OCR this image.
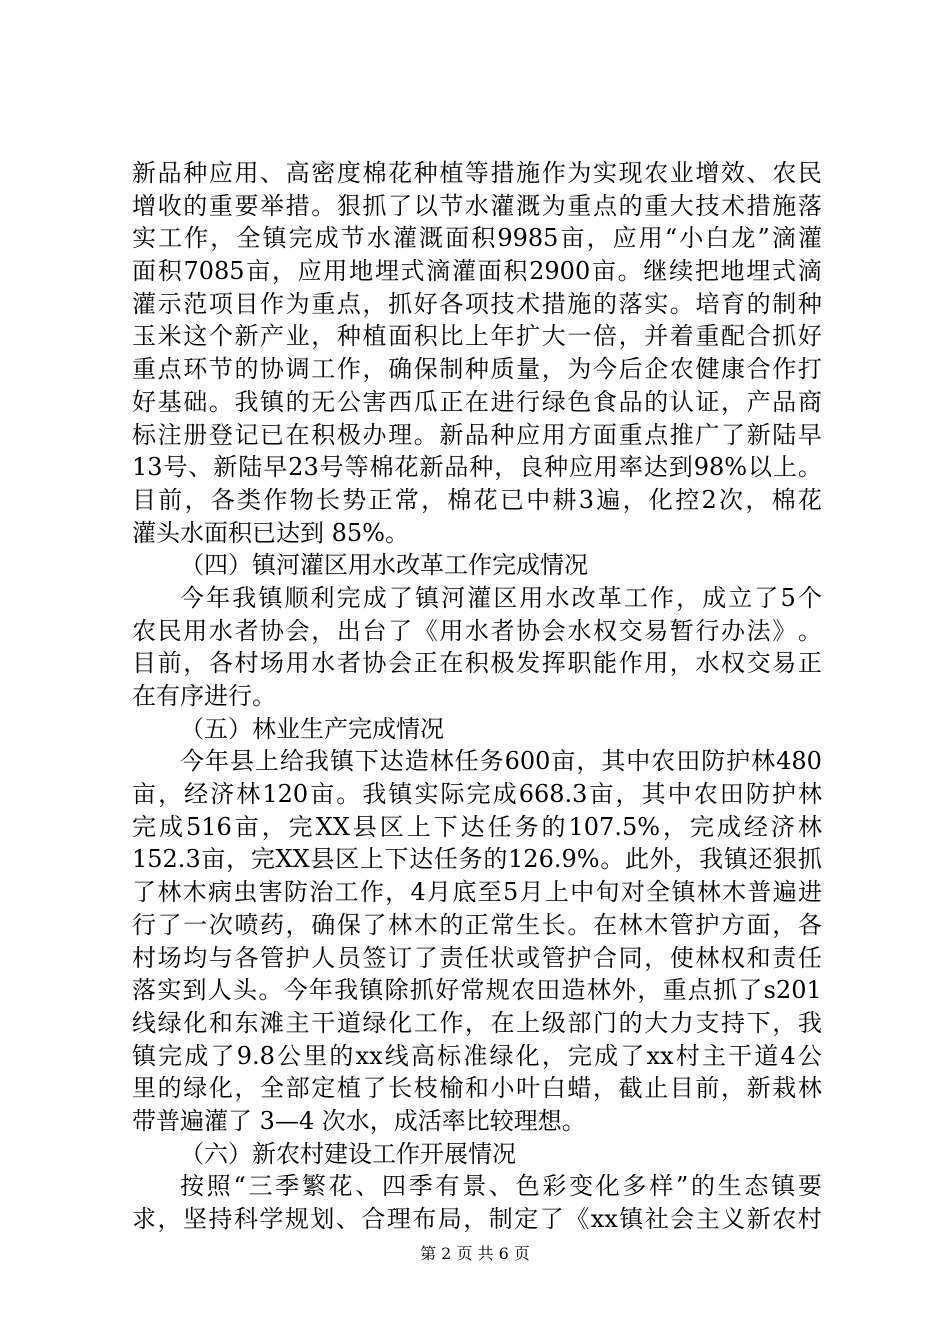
新 品 种 应 用 、 高 密 度 棉 花 种 植 等 措 施 作 为 实 现 农 业 增 效 、 农 民
增 收 的 重 要 举 措 。 狠 抓 了 以 节 水 灌 溉 为 重 点 的 重 大 技 术 措 施 落
实 工 作 ， 全 镇 完 成 节 水 灌 溉 面 积 9985 亩 ， 应 用 “ 小 白 龙 ” 滴 灌
面 积 7085 亩 ， 应 用 地 埋 式 滴 灌 面 积 2900 亩 。 继 续 把 地 埋 式 滴
灌 示 范 项 目 作 为 重 点 ， 抓 好 各 项 技 术 措 施 的 落 实 。 培 育 的 制 种
玉 米 这 个 新 产 业 ， 种 植 面 积 比 上 年 扩 大 一 倍 ， 并 着 重 配 合 抓 好
重 点 环 节 的 协 调 工 作 ， 确 保 制 种 质 量 ， 为 今 后 企 农 健 康 合 作 打
好 基 础 。 我 镇 的 无 公 害 西 瓜 正 在 进 行 绿 色 食 品 的 认 证 ， 产 品 商
标 注 册 登 记 已 在 积 极 办 理 。 新 品 种 应 用 方 面 重 点 推 广 了 新 陆 早
13 号 、 新 陆 早 23 号 等 棉 花 新 品 种 ， 良 种 应 用 率 达 到 98% 以 上 。
目 前 ， 各 类 作 物 长 势 正 常 ， 棉 花 已 中 耕 3 遍 ， 化 控 2 次 ， 棉 花
灌头水面积已达到 85%。
（四）镇河灌区用水改革工作完成情况
今 年 我 镇 顺 利 完 成 了 镇 河 灌 区 用 水 改 革 工 作 ， 成 立 了 5 个
农 民 用 水 者 协 会 ， 出 台 了 《 用 水 者 协 会 水 权 交 易 暂 行 办 法 》 。
目 前 ， 各 村 场 用 水 者 协 会 正 在 积 极 发 挥 职 能 作 用 ， 水 权 交 易 正
在有序进行。
（五）林业生产完成情况
今 年 县 上 给 我 镇 下 达 造 林 任 务 600 亩 ， 其 中 农 田 防 护 林 480
亩 ， 经 济 林 120 亩 。 我 镇 实 际 完 成 668.3 亩 ， 其 中 农 田 防 护 林
完 成 516 亩 ， 完 XX 县 区 上 下 达 任 务 的 107.5% ， 完 成 经 济 林
152.3 亩 ， 完 XX 县 区 上 下 达 任 务 的 126.9% 。 此 外 ， 我 镇 还 狠 抓
了 林 木 病 虫 害 防 治 工 作 ， 4 月 底 至 5 月 上 中 旬 对 全 镇 林 木 普 遍 进
行 了 一 次 喷 药 ， 确 保 了 林 木 的 正 常 生 长 。 在 林 木 管 护 方 面 ， 各
村 场 均 与 各 管 护 人 员 签 订 了 责 任 状 或 管 护 合 同 ， 使 林 权 和 责 任
落 实 到 人 头 。 今 年 我 镇 除 抓 好 常 规 农 田 造 林 外 ， 重 点 抓 了 s201
线 绿 化 和 东 滩 主 干 道 绿 化 工 作 ， 在 上 级 部 门 的 大 力 支 持 下 ， 我
镇 完 成 了 9.8 公 里 的 xx 线 高 标 准 绿 化 ， 完 成 了 xx 村 主 干 道 4 公
里 的 绿 化 ， 全 部 定 植 了 长 枝 榆 和 小 叶 白 蜡 ， 截 止 目 前 ， 新 栽 林
带普遍灌了 3—4 次水，成活率比较理想。
（六）新农村建设工作开展情况
按 照 “ 三 季 繁 花 、 四 季 有 景 、 色 彩 变 化 多 样 ” 的 生 态 镇 要
求 ， 坚 持 科 学 规 划 、 合 理 布 局 ， 制 定 了 《 xx 镇 社 会 主 义 新 农 村
第 2 页 共 6 页
